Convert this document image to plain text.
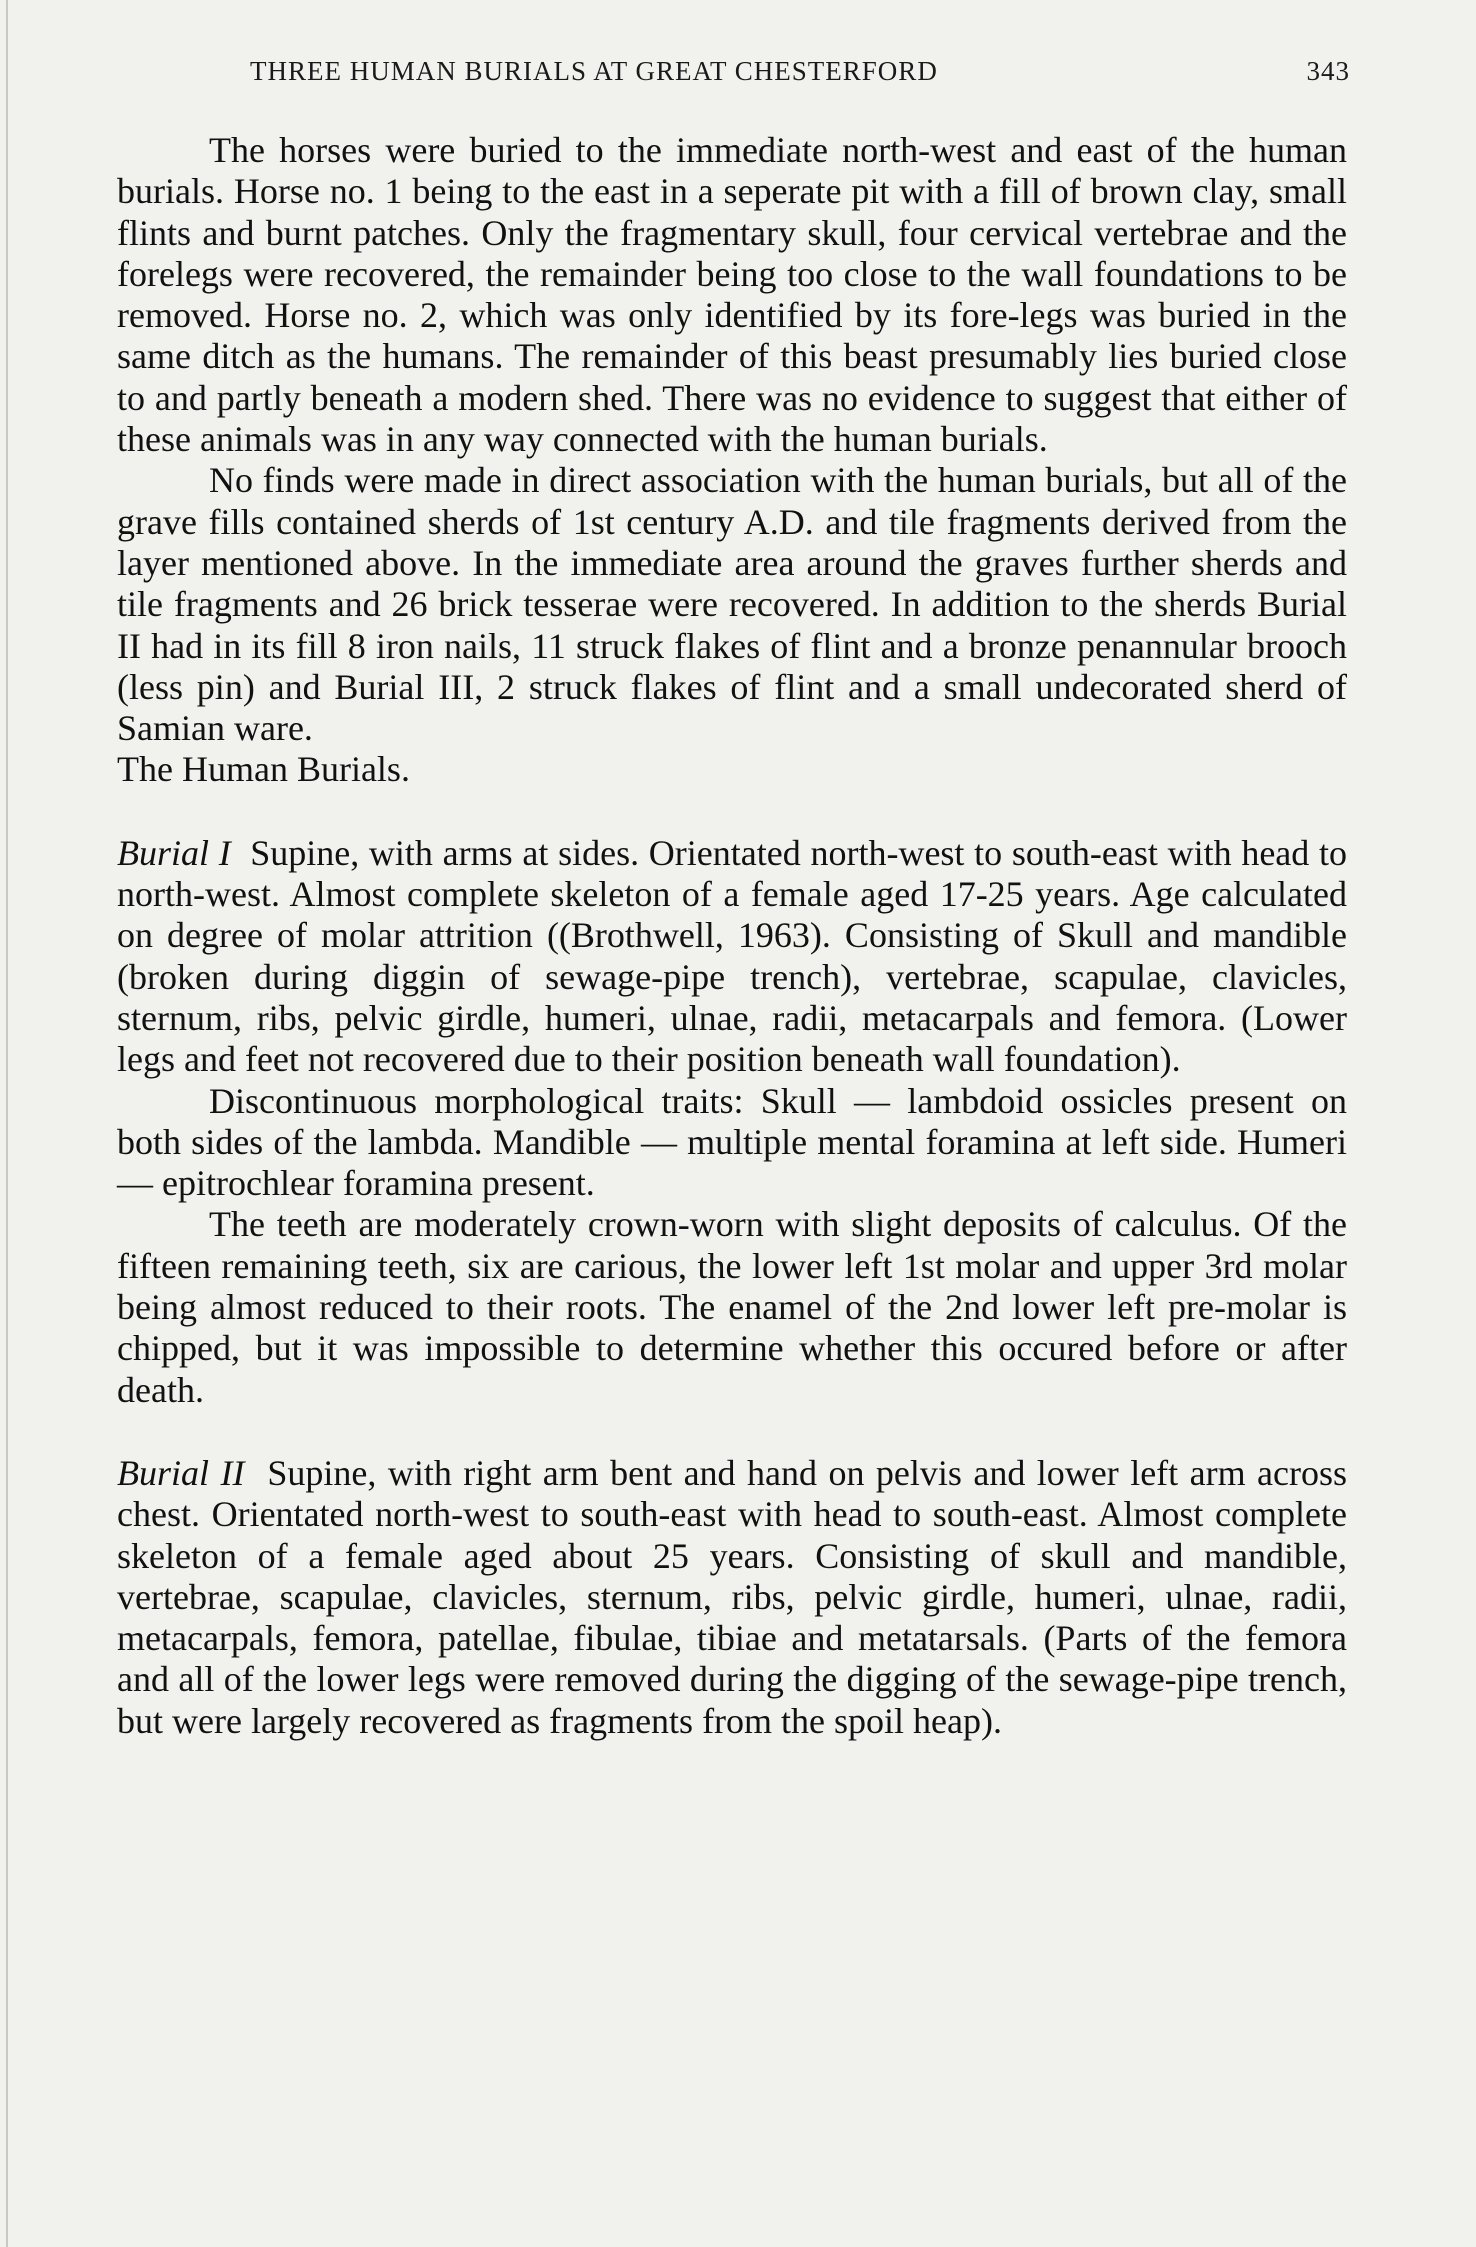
THREE HUMAN BURIALS AT GREAT CHESTERFORD	343

The horses were buried to the immediate north-west and east of the human burials. Horse no. 1 being to the east in a seperate pit with a fill of brown clay, small flints and burnt patches. Only the fragmentary skull, four cervical vertebrae and the forelegs were recovered, the remainder being too close to the wall foundations to be removed. Horse no. 2, which was only identified by its fore-legs was buried in the same ditch as the humans. The remainder of this beast presumably lies buried close to and partly beneath a modern shed. There was no evidence to suggest that either of these animals was in any way connected with the human burials.

No finds were made in direct association with the human burials, but all of the grave fills contained sherds of 1st century A.D. and tile fragments derived from the layer mentioned above. In the immediate area around the graves further sherds and tile fragments and 26 brick tesserae were recovered. In addition to the sherds Burial II had in its fill 8 iron nails, 11 struck flakes of flint and a bronze penannular brooch (less pin) and Burial III, 2 struck flakes of flint and a small undecorated sherd of Samian ware.

The Human Burials.

Burial I Supine, with arms at sides. Orientated north-west to south-east with head to north-west. Almost complete skeleton of a female aged 17-25 years. Age calculated on degree of molar attrition ((Brothwell, 1963). Consisting of Skull and mandible (broken during diggin of sewage-pipe trench), vertebrae, scapulae, clavicles, sternum, ribs, pelvic girdle, humeri, ulnae, radii, metacarpals and femora. (Lower legs and feet not recovered due to their position beneath wall foundation).

Discontinuous morphological traits: Skull — lambdoid ossicles present on both sides of the lambda. Mandible — multiple mental foramina at left side. Humeri — epitrochlear foramina present.

The teeth are moderately crown-worn with slight deposits of calculus. Of the fifteen remaining teeth, six are carious, the lower left 1st molar and upper 3rd molar being almost reduced to their roots. The enamel of the 2nd lower left pre-molar is chipped, but it was impossible to determine whether this occured before or after death.

Burial II Supine, with right arm bent and hand on pelvis and lower left arm across chest. Orientated north-west to south-east with head to south-east. Almost complete skeleton of a female aged about 25 years. Consisting of skull and mandible, vertebrae, scapulae, clavicles, sternum, ribs, pelvic girdle, humeri, ulnae, radii, metacarpals, femora, patellae, fibulae, tibiae and metatarsals. (Parts of the femora and all of the lower legs were removed during the digging of the sewage-pipe trench, but were largely recovered as fragments from the spoil heap).
